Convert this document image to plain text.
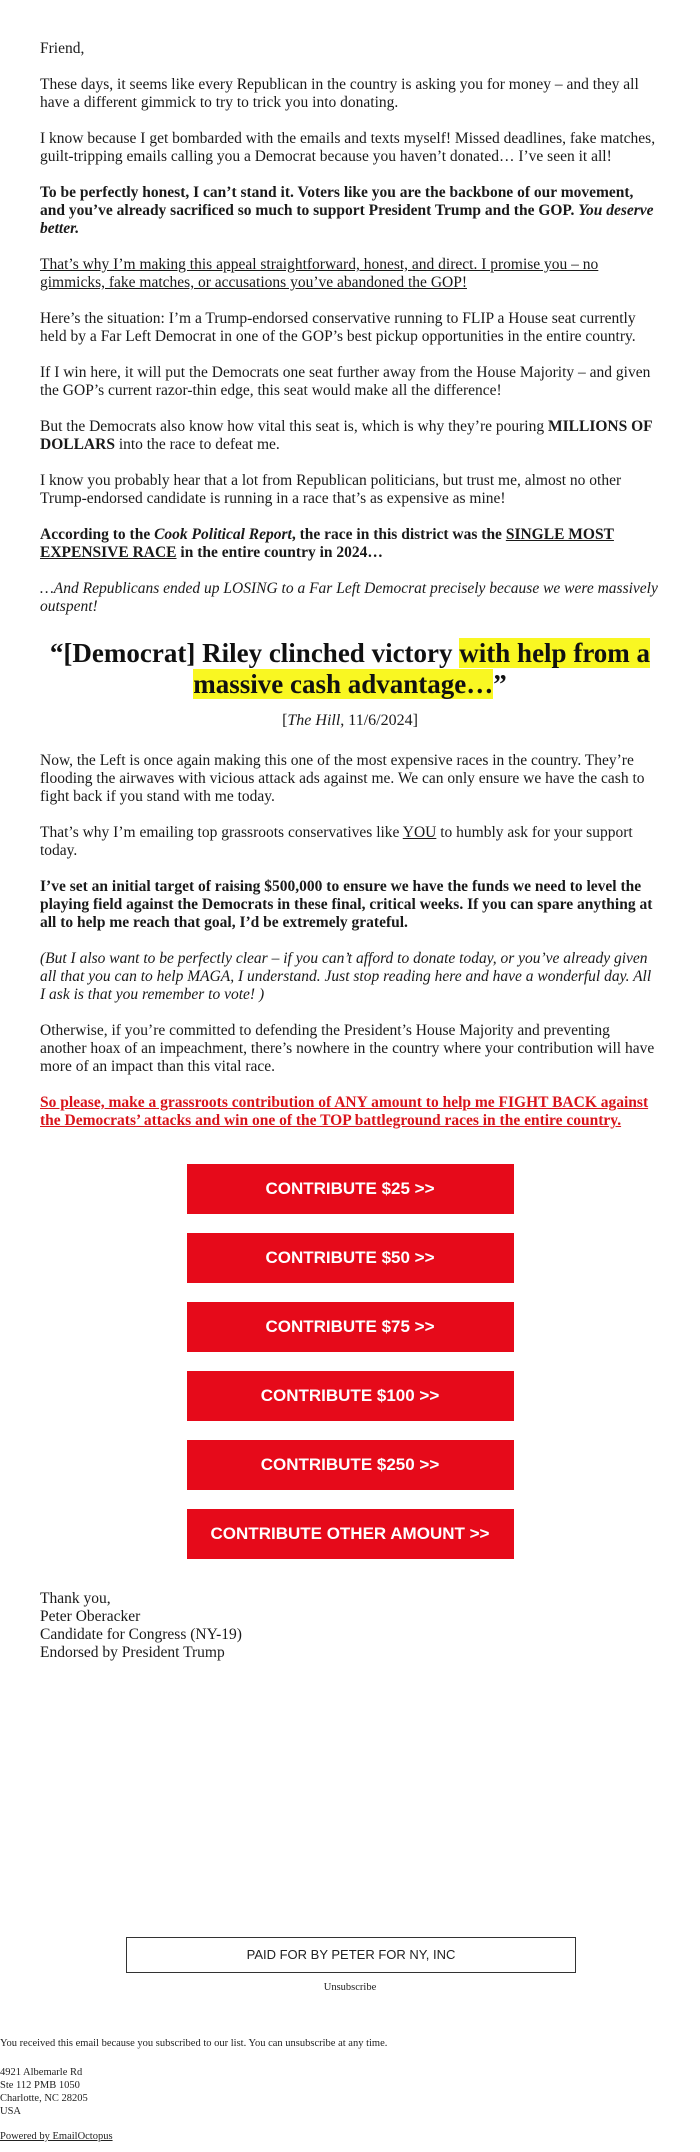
Friend,

These days, it seems like every Republican in the country is asking you for money – and they all have a different gimmick to try to trick you into donating.

I know because I get bombarded with the emails and texts myself! Missed deadlines, fake matches, guilt-tripping emails calling you a Democrat because you haven’t donated… I’ve seen it all!

To be perfectly honest, I can’t stand it. Voters like you are the backbone of our movement, and you’ve already sacrificed so much to support President Trump and the GOP. You deserve better.

That’s why I’m making this appeal straightforward, honest, and direct. I promise you – no gimmicks, fake matches, or accusations you’ve abandoned the GOP!

Here’s the situation: I’m a Trump-endorsed conservative running to FLIP a House seat currently held by a Far Left Democrat in one of the GOP’s best pickup opportunities in the entire country.

If I win here, it will put the Democrats one seat further away from the House Majority – and given the GOP’s current razor-thin edge, this seat would make all the difference!

But the Democrats also know how vital this seat is, which is why they’re pouring MILLIONS OF DOLLARS into the race to defeat me.

I know you probably hear that a lot from Republican politicians, but trust me, almost no other Trump-endorsed candidate is running in a race that’s as expensive as mine!

According to the Cook Political Report, the race in this district was the SINGLE MOST EXPENSIVE RACE in the entire country in 2024…

…And Republicans ended up LOSING to a Far Left Democrat precisely because we were massively outspent!

“[Democrat] Riley clinched victory with help from a massive cash advantage…”
[The Hill, 11/6/2024]

Now, the Left is once again making this one of the most expensive races in the country. They’re flooding the airwaves with vicious attack ads against me. We can only ensure we have the cash to fight back if you stand with me today.

That’s why I’m emailing top grassroots conservatives like YOU to humbly ask for your support today.

I’ve set an initial target of raising $500,000 to ensure we have the funds we need to level the playing field against the Democrats in these final, critical weeks. If you can spare anything at all to help me reach that goal, I’d be extremely grateful.

(But I also want to be perfectly clear – if you can’t afford to donate today, or you’ve already given all that you can to help MAGA, I understand. Just stop reading here and have a wonderful day. All I ask is that you remember to vote! )

Otherwise, if you’re committed to defending the President’s House Majority and preventing another hoax of an impeachment, there’s nowhere in the country where your contribution will have more of an impact than this vital race.

So please, make a grassroots contribution of ANY amount to help me FIGHT BACK against the Democrats’ attacks and win one of the TOP battleground races in the entire country.

CONTRIBUTE $25 >>
CONTRIBUTE $50 >>
CONTRIBUTE $75 >>
CONTRIBUTE $100 >>
CONTRIBUTE $250 >>
CONTRIBUTE OTHER AMOUNT >>
Thank you,
Peter Oberacker
Candidate for Congress (NY-19)
Endorsed by President Trump
PAID FOR BY PETER FOR NY, INC
Unsubscribe
You received this email because you subscribed to our list. You can unsubscribe at any time.
4921 Albemarle Rd
Ste 112 PMB 1050
Charlotte, NC 28205
USA
Powered by EmailOctopus
